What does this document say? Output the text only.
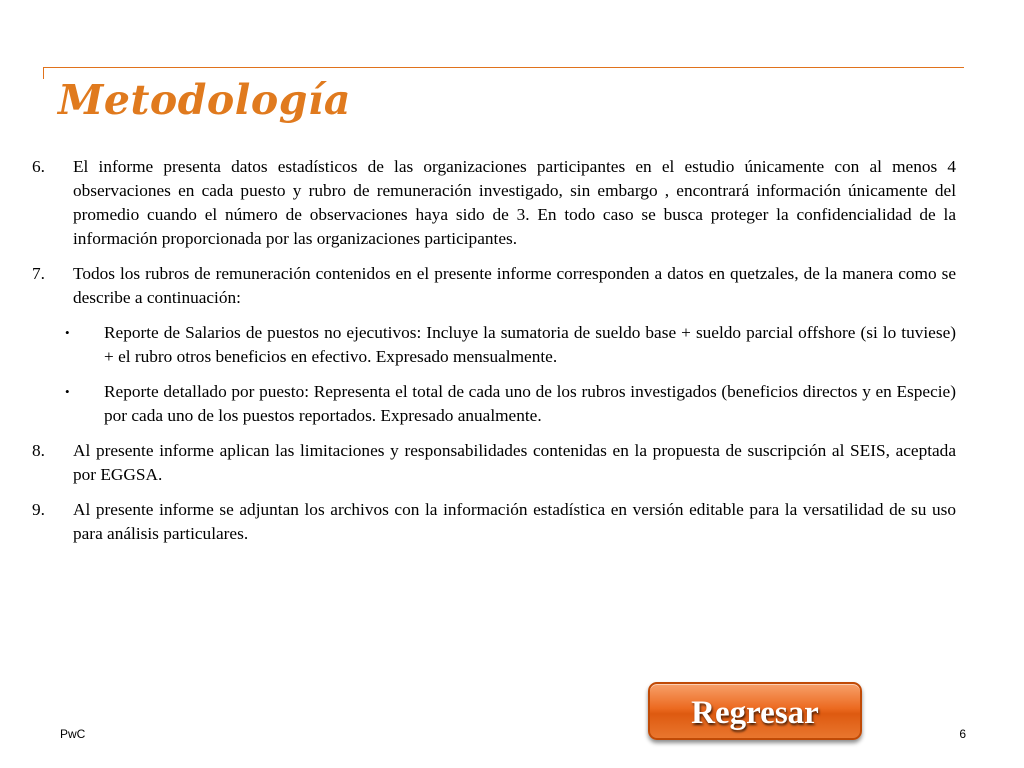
Metodología

6.	El informe presenta datos estadísticos de las organizaciones participantes en el estudio únicamente con al menos 4 observaciones en cada puesto y rubro de remuneración investigado, sin embargo , encontrará información únicamente del promedio cuando el número de observaciones haya sido de 3. En todo caso se busca proteger la confidencialidad de la información proporcionada por las organizaciones participantes.

7.	Todos los rubros de remuneración contenidos en el presente informe corresponden a datos en quetzales, de la manera como se describe a continuación:

• Reporte de Salarios de puestos no ejecutivos: Incluye la sumatoria de sueldo base + sueldo parcial offshore (si lo tuviese) + el rubro otros beneficios en efectivo. Expresado mensualmente.

• Reporte detallado por puesto: Representa el total de cada uno de los rubros investigados (beneficios directos y en Especie) por cada uno de los puestos reportados. Expresado anualmente.

8.	Al presente informe aplican las limitaciones y responsabilidades contenidas en la propuesta de suscripción al SEIS, aceptada por EGGSA.

9.	Al presente informe se adjuntan los archivos con la información estadística en versión editable para la versatilidad de su uso para análisis particulares.

Regresar
PwC	6
